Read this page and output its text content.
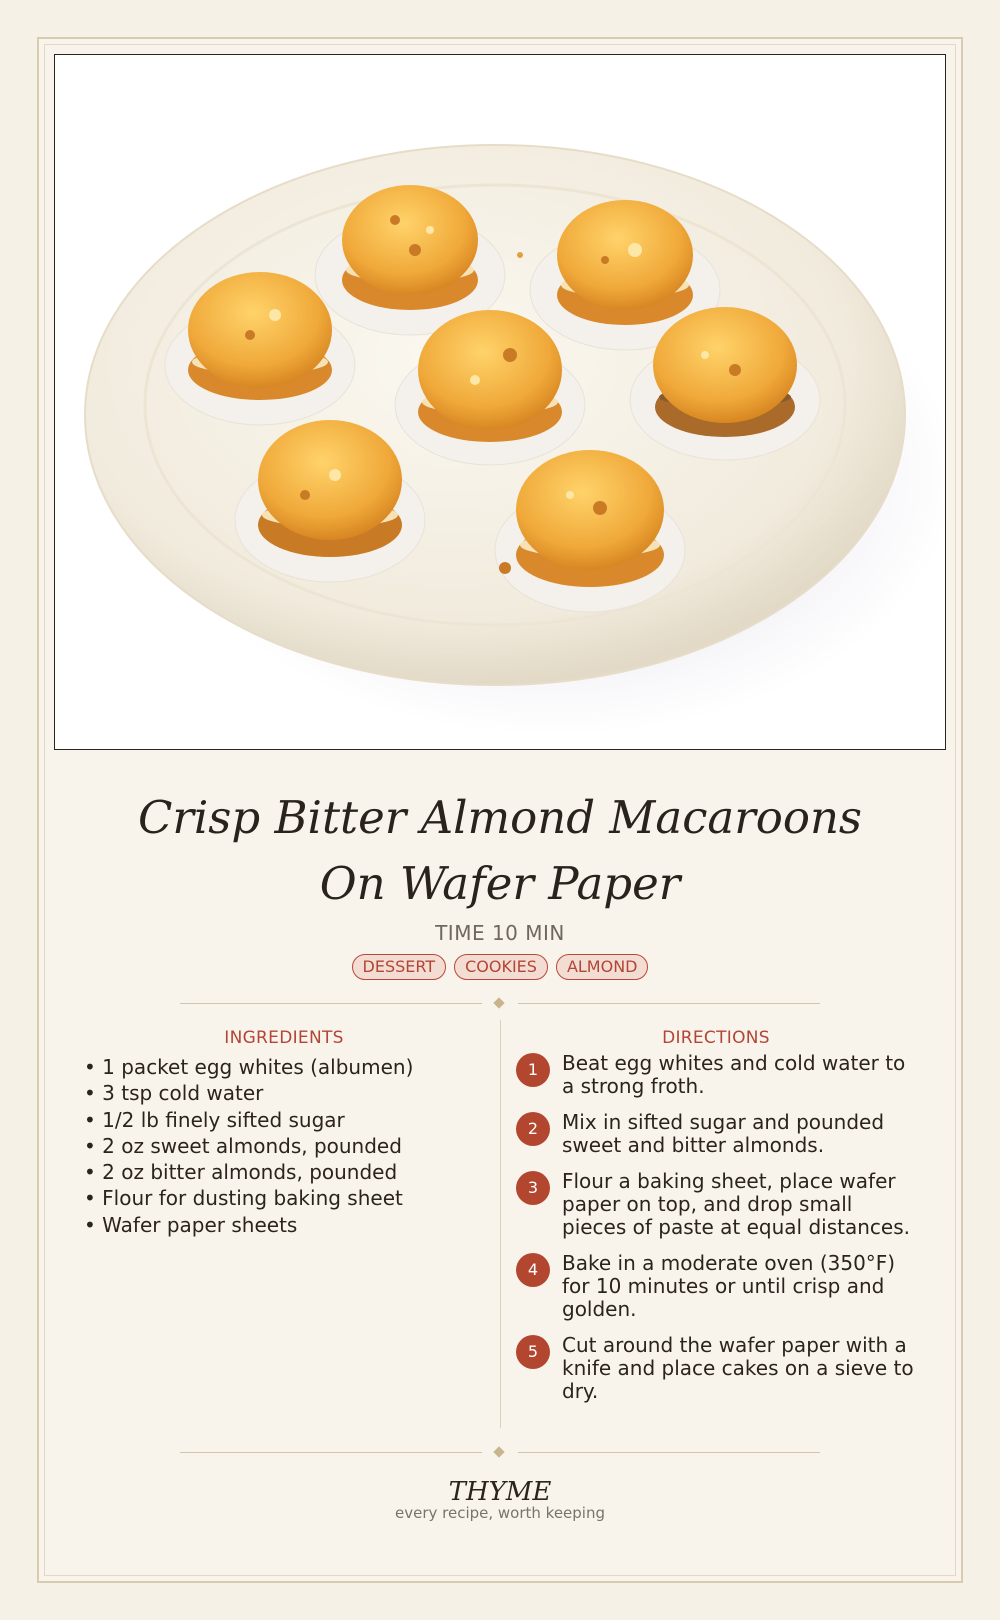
Crisp Bitter Almond Macaroons On Wafer Paper
TIME 10 MIN
DESSERT	COOKIES	ALMOND
INGREDIENTS
• 1 packet egg whites (albumen)
• 3 tsp cold water
• 1/2 lb finely sifted sugar
• 2 oz sweet almonds, pounded
• 2 oz bitter almonds, pounded
• Flour for dusting baking sheet
• Wafer paper sheets
DIRECTIONS
1	Beat egg whites and cold water to a strong froth.
2	Mix in sifted sugar and pounded sweet and bitter almonds.
3	Flour a baking sheet, place wafer paper on top, and drop small pieces of paste at equal distances.
4	Bake in a moderate oven (350°F) for 10 minutes or until crisp and golden.
5	Cut around the wafer paper with a knife and place cakes on a sieve to dry.
THYME
every recipe, worth keeping
